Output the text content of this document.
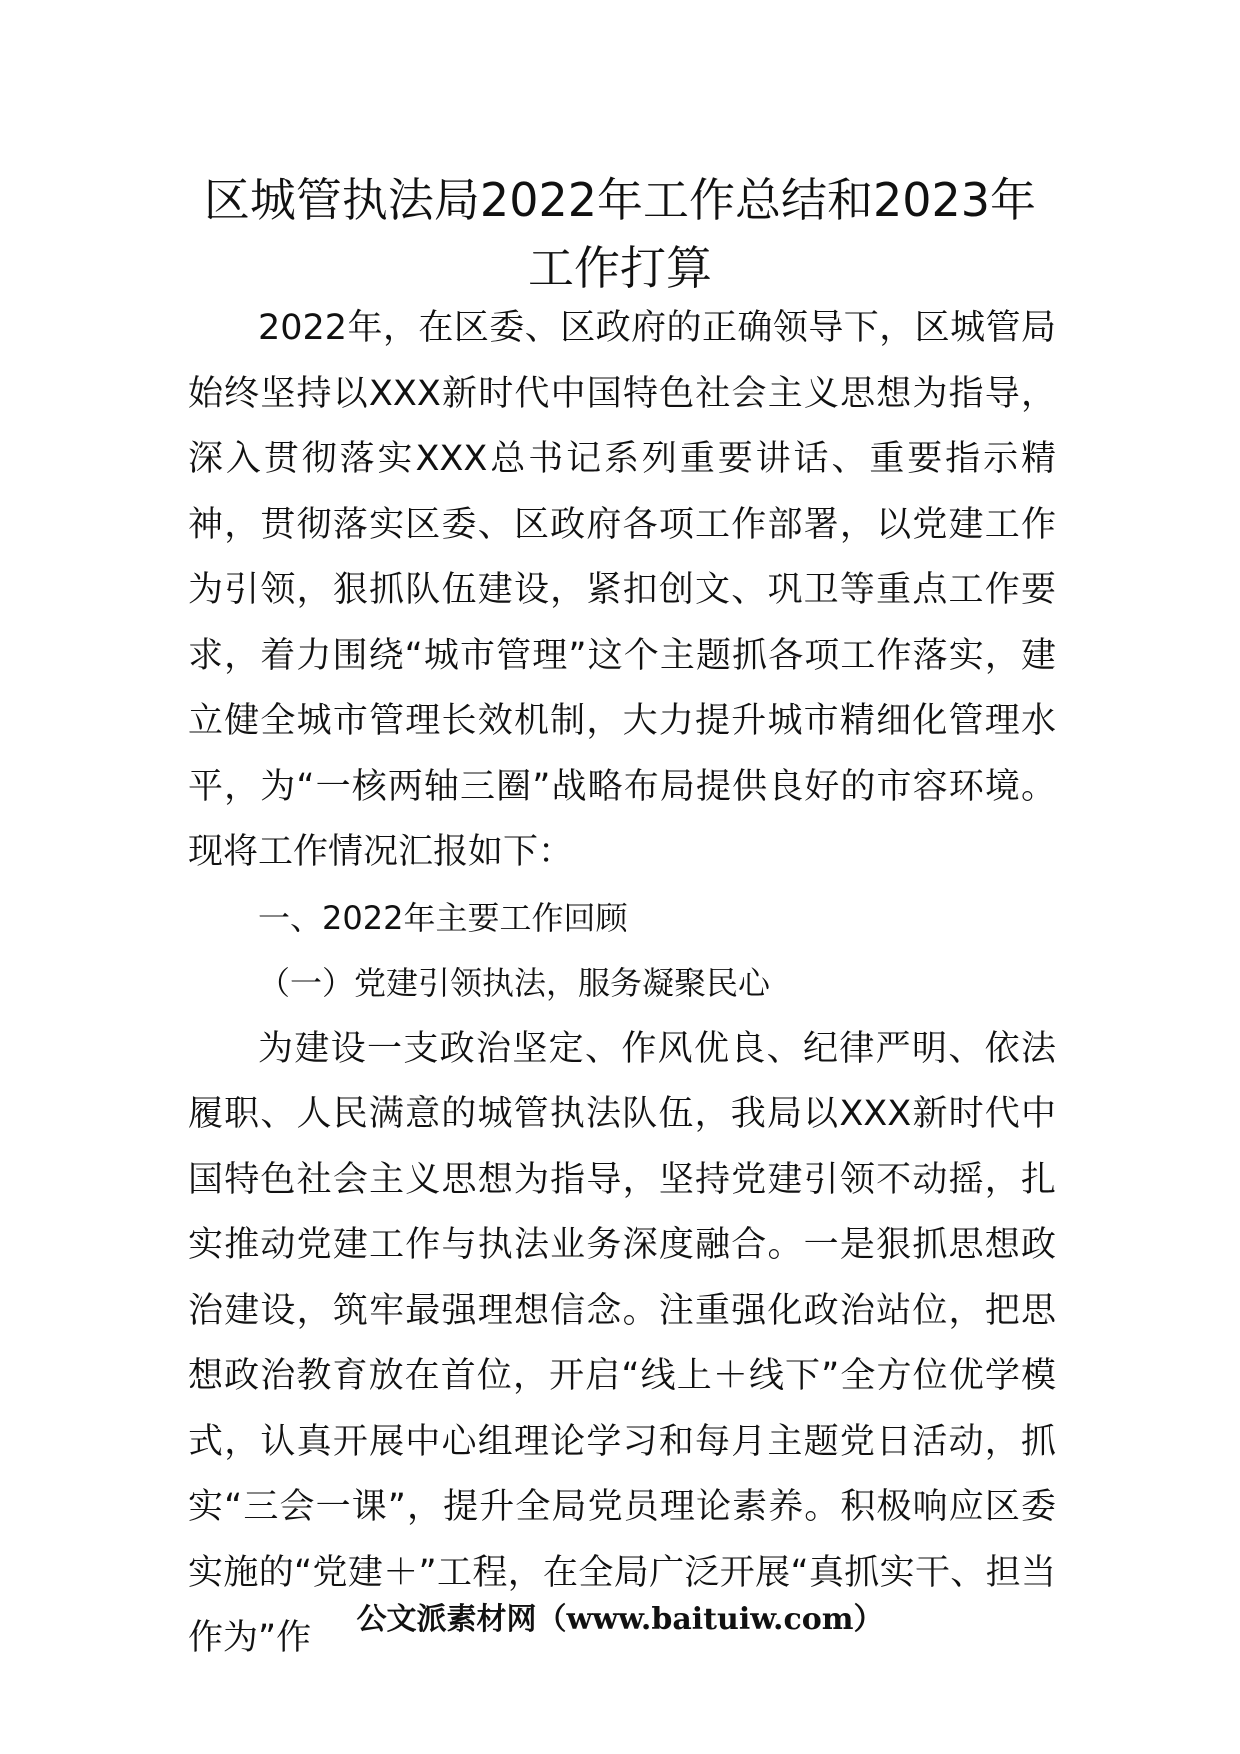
区城管执法局2022年工作总结和2023年
工作打算

2022年，在区委、区政府的正确领导下，区城管局始终坚持以XXX新时代中国特色社会主义思想为指导，深入贯彻落实XXX总书记系列重要讲话、重要指示精神，贯彻落实区委、区政府各项工作部署，以党建工作为引领，狠抓队伍建设，紧扣创文、巩卫等重点工作要求，着力围绕“城市管理”这个主题抓各项工作落实，建立健全城市管理长效机制，大力提升城市精细化管理水平，为“一核两轴三圈”战略布局提供良好的市容环境。现将工作情况汇报如下：

一、2022年主要工作回顾

（一）党建引领执法，服务凝聚民心

为建设一支政治坚定、作风优良、纪律严明、依法履职、人民满意的城管执法队伍，我局以XXX新时代中国特色社会主义思想为指导，坚持党建引领不动摇，扎实推动党建工作与执法业务深度融合。一是狠抓思想政治建设，筑牢最强理想信念。注重强化政治站位，把思想政治教育放在首位，开启“线上＋线下”全方位优学模式，认真开展中心组理论学习和每月主题党日活动，抓实“三会一课”，提升全局党员理论素养。积极响应区委实施的“党建＋”工程，在全局广泛开展“真抓实干、担当作为”作	公文派素材网（www.baituiw.com）
